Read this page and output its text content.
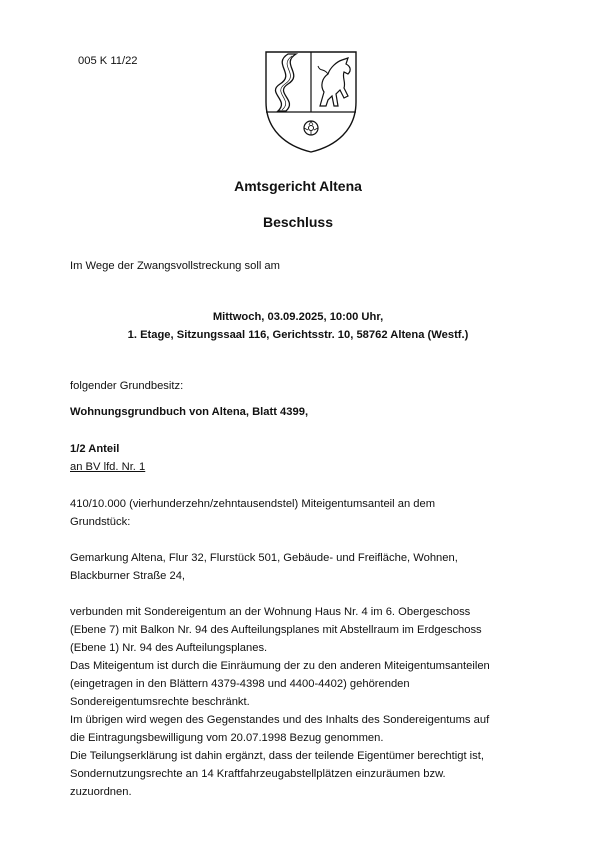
005 K 11/22
Amtsgericht Altena
Beschluss
Im Wege der Zwangsvollstreckung soll am
Mittwoch, 03.09.2025, 10:00 Uhr,
1. Etage, Sitzungssaal 116, Gerichtsstr. 10, 58762 Altena (Westf.)
folgender Grundbesitz:
Wohnungsgrundbuch von Altena, Blatt 4399,
1/2 Anteil
an BV lfd. Nr. 1
410/10.000 (vierhunderzehn/zehntausendstel) Miteigentumsanteil an dem
Grundstück:
Gemarkung Altena, Flur 32, Flurstück 501, Gebäude- und Freifläche, Wohnen,
Blackburner Straße 24,
verbunden mit Sondereigentum an der Wohnung Haus Nr. 4 im 6. Obergeschoss
(Ebene 7) mit Balkon Nr. 94 des Aufteilungsplanes mit Abstellraum im Erdgeschoss
(Ebene 1) Nr. 94 des Aufteilungsplanes.
Das Miteigentum ist durch die Einräumung der zu den anderen Miteigentumsanteilen
(eingetragen in den Blättern 4379-4398 und 4400-4402) gehörenden
Sondereigentumsrechte beschränkt.
Im übrigen wird wegen des Gegenstandes und des Inhalts des Sondereigentums auf
die Eintragungsbewilligung vom 20.07.1998 Bezug genommen.
Die Teilungserklärung ist dahin ergänzt, dass der teilende Eigentümer berechtigt ist,
Sondernutzungsrechte an 14 Kraftfahrzeugabstellplätzen einzuräumen bzw.
zuzuordnen.
